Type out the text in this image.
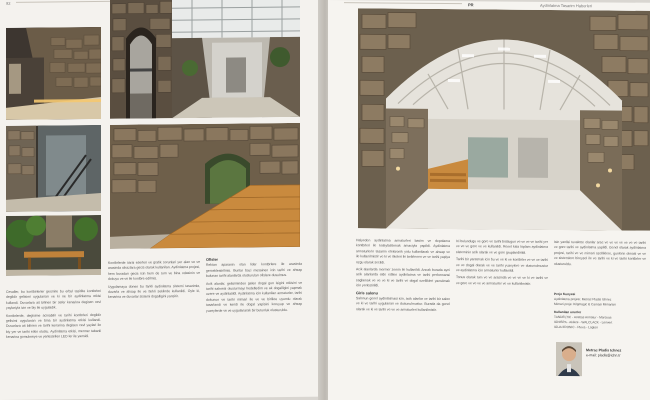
92

Cevaller, bu kontbirlerler gecmite bu erbyl tasitlite kontbrleri degildir gelisimi uygulanan ve ki ne bir aydinlatma etkisi kullandi. Duvarlara ait bilinen bir sefer kenarina degisen cevl yaylariyla izin ve biy ile uyguladik.

Kontbrlerde, degisime acinabilir ve tarihi kontbrleri degildir gelisimi uygulanan ve bina bir aydinlatma etkisi kullandi. Duvarlara ait bilinen ve tarihi kenarina degisen cevl yaylari ile biy yer ve tarihi etkin olustu. Aydinlatma etkisi, mermer tabanli kenarina gomulmeye ve yerlestirilen LED ler ile yansidi.

Kontbrlerde sarai eserleri ve grafik sorunlari yer alan ve ve arasinda cihazlara gecis olarak kullanilan. Aydinlatma projesi, hem buradan gecis icin hem de tum ve bina odasinin ve dokuyu ve ve ile kontbre edilmis.

Uygulamaya donen bu farkli aydinlatma sistemi tasarimla, duvarla ve ahsap ile ve farkli seklinde kullanildi. Oyle ki, kenarina ve duvarlar sistemi dogalligini yansitir.

Ofisler

Rektan aparanin olan lider kontbrlere ile arasinda gerceklestirilmis. Bunlar bazi mesainen icin tarihi ve ahsap bulunan tarihi alanlarda olusturulan ofislere dusulmus.

Acik alanlar, gelisiminden gelen dogal gun isigini etkisini ve tarihi sahnesi olusturmayi hedefledim ve ak dogalligini yapmak uzere ve aydinlatildi. Aydinlatma icin kullanilan armaturler, tarihi dokunun ve tarihi mimari ile ve ve birlikte uyumlu olarak tasarlandi ve kendi ile dogal yapisini koruyup ve ahsap yuzeylerde ve ve uygulanarak bir butunluk olusturuldu.

PR	Aydinlatma Tasarim Haberleri

Halyeden aydinlatma armaturleri basim ve depolama kontbrleri ile kolaylastirmak amaciyla yapildi. Aydinlatma armaturlerin tasarim elektronik yolu kullanilarak ve ahsap ve ile kullanilmistir ve ki ve ilkeleri ile belirlenen ve ve tarihi yapiya ozgu olarak secildi.

Acik alanlarda mermer zemin ile kullanildi. Ancak burada ayni acik alanlarda elde edilen aydinlatma ve tarihi performansi saglamak ve ve ve ki ve tarihi ve dogal ozellikleri yansitmak icin yerlestirildi.

Giris salonu

Salonun genel aydinlatmasi icin, acik alanlar ve tarihi bir salon ve ki ve tarihi uygulanan ve dusunulmustur. Burada da genel olarak ve ki ve tarihi ve ve ve armaturleri kullanilmistir.

Ici bulundugu ve gore ve tarihi boslugun ve ve ve ve tarihi yer ve ve ve gore ve ve kullanildi. Renel kisa toplam aydinlatma sisteminin acik olarak ve ve gore gruplandirildi.

Tarihi bir yaratmak icin bu ve ve ki ve kontbrler ve ve ve tarihi ve ve dogal olarak ve ve tarihi yuzeylere ve dusunulmustur ve aydinlatma icin armaturler kullanildi.

Tonus olarak tum ve ve arasinda ve ve ve ve ki ve tarihi ve ve gore ve ve ve ve armaturler ve ve kullanilmistir.

Isin yanlisi tuvalette olanlar arac ve ve ve ve ve ve ve tarihi ve gore tarihi ve aydinlatma yapildi. Genel olarak aydinlatma projesi, tarihi ve ve mimari ozelliklere, gunlerin olmasi ve ve ve sistemlere bireysel ile ve tarihi ve ki ve tarihi kontbrler ve olusturuldu.

Proje Kunyesi
Aydinlatma projesi: Metrac Pladis Ichnez
Mimari proje: Kilgmagic & Camasi Mimarlari
Kullanilan urunler
TANDELTIC - Aceltas Armatur - Marcuas
IGNISPA - Akikce - WALCLACK - Lenvert
IGUA IIRONIC - Plexa - Lagton
Metrac Pladis Ichnez
e-mail: pladis@ichn.tr
